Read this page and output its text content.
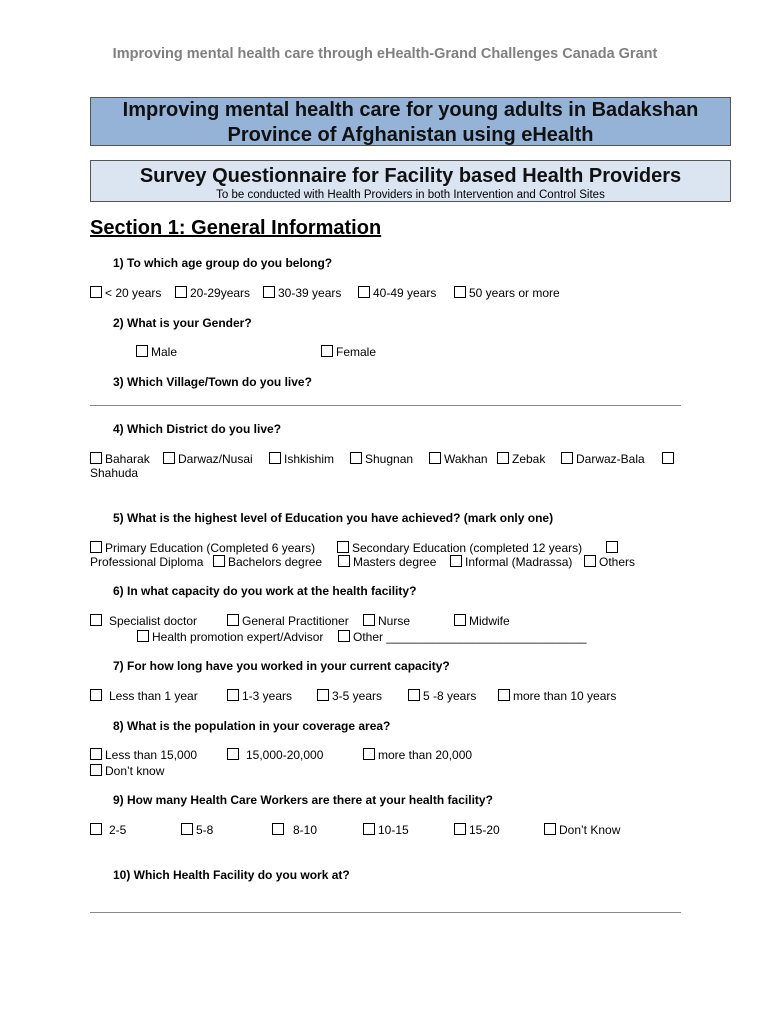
Improving mental health care through eHealth-Grand Challenges Canada Grant
Improving mental health care for young adults in Badakshan
Province of Afghanistan using eHealth
Survey Questionnaire for Facility based Health Providers
To be conducted with Health Providers in both Intervention and Control Sites
Section 1: General Information
1) To which age group do you belong?
< 20 years	20-29years	30-39 years	40-49 years	50 years or more
2) What is your Gender?
Male	Female
3) Which Village/Town do you live?
4) Which District do you live?
Baharak	Darwaz/Nusai	Ishkishim	Shugnan	Wakhan	Zebak	Darwaz-Bala
Shahuda
5) What is the highest level of Education you have achieved? (mark only one)
Primary Education (Completed 6 years)	Secondary Education (completed 12 years)
Professional Diploma	Bachelors degree	Masters degree	Informal (Madrassa)	Others
6) In what capacity do you work at the health facility?
Specialist doctor	General Practitioner	Nurse	Midwife
Health promotion expert/Advisor	Other ______________________________
7) For how long have you worked in your current capacity?
Less than 1 year	1-3 years	3-5 years	5 -8 years	more than 10 years
8) What is the population in your coverage area?
Less than 15,000	15,000-20,000	more than 20,000
Don’t know
9) How many Health Care Workers are there at your health facility?
2-5	5-8	8-10	10-15	15-20	Don’t Know
10) Which Health Facility do you work at?
